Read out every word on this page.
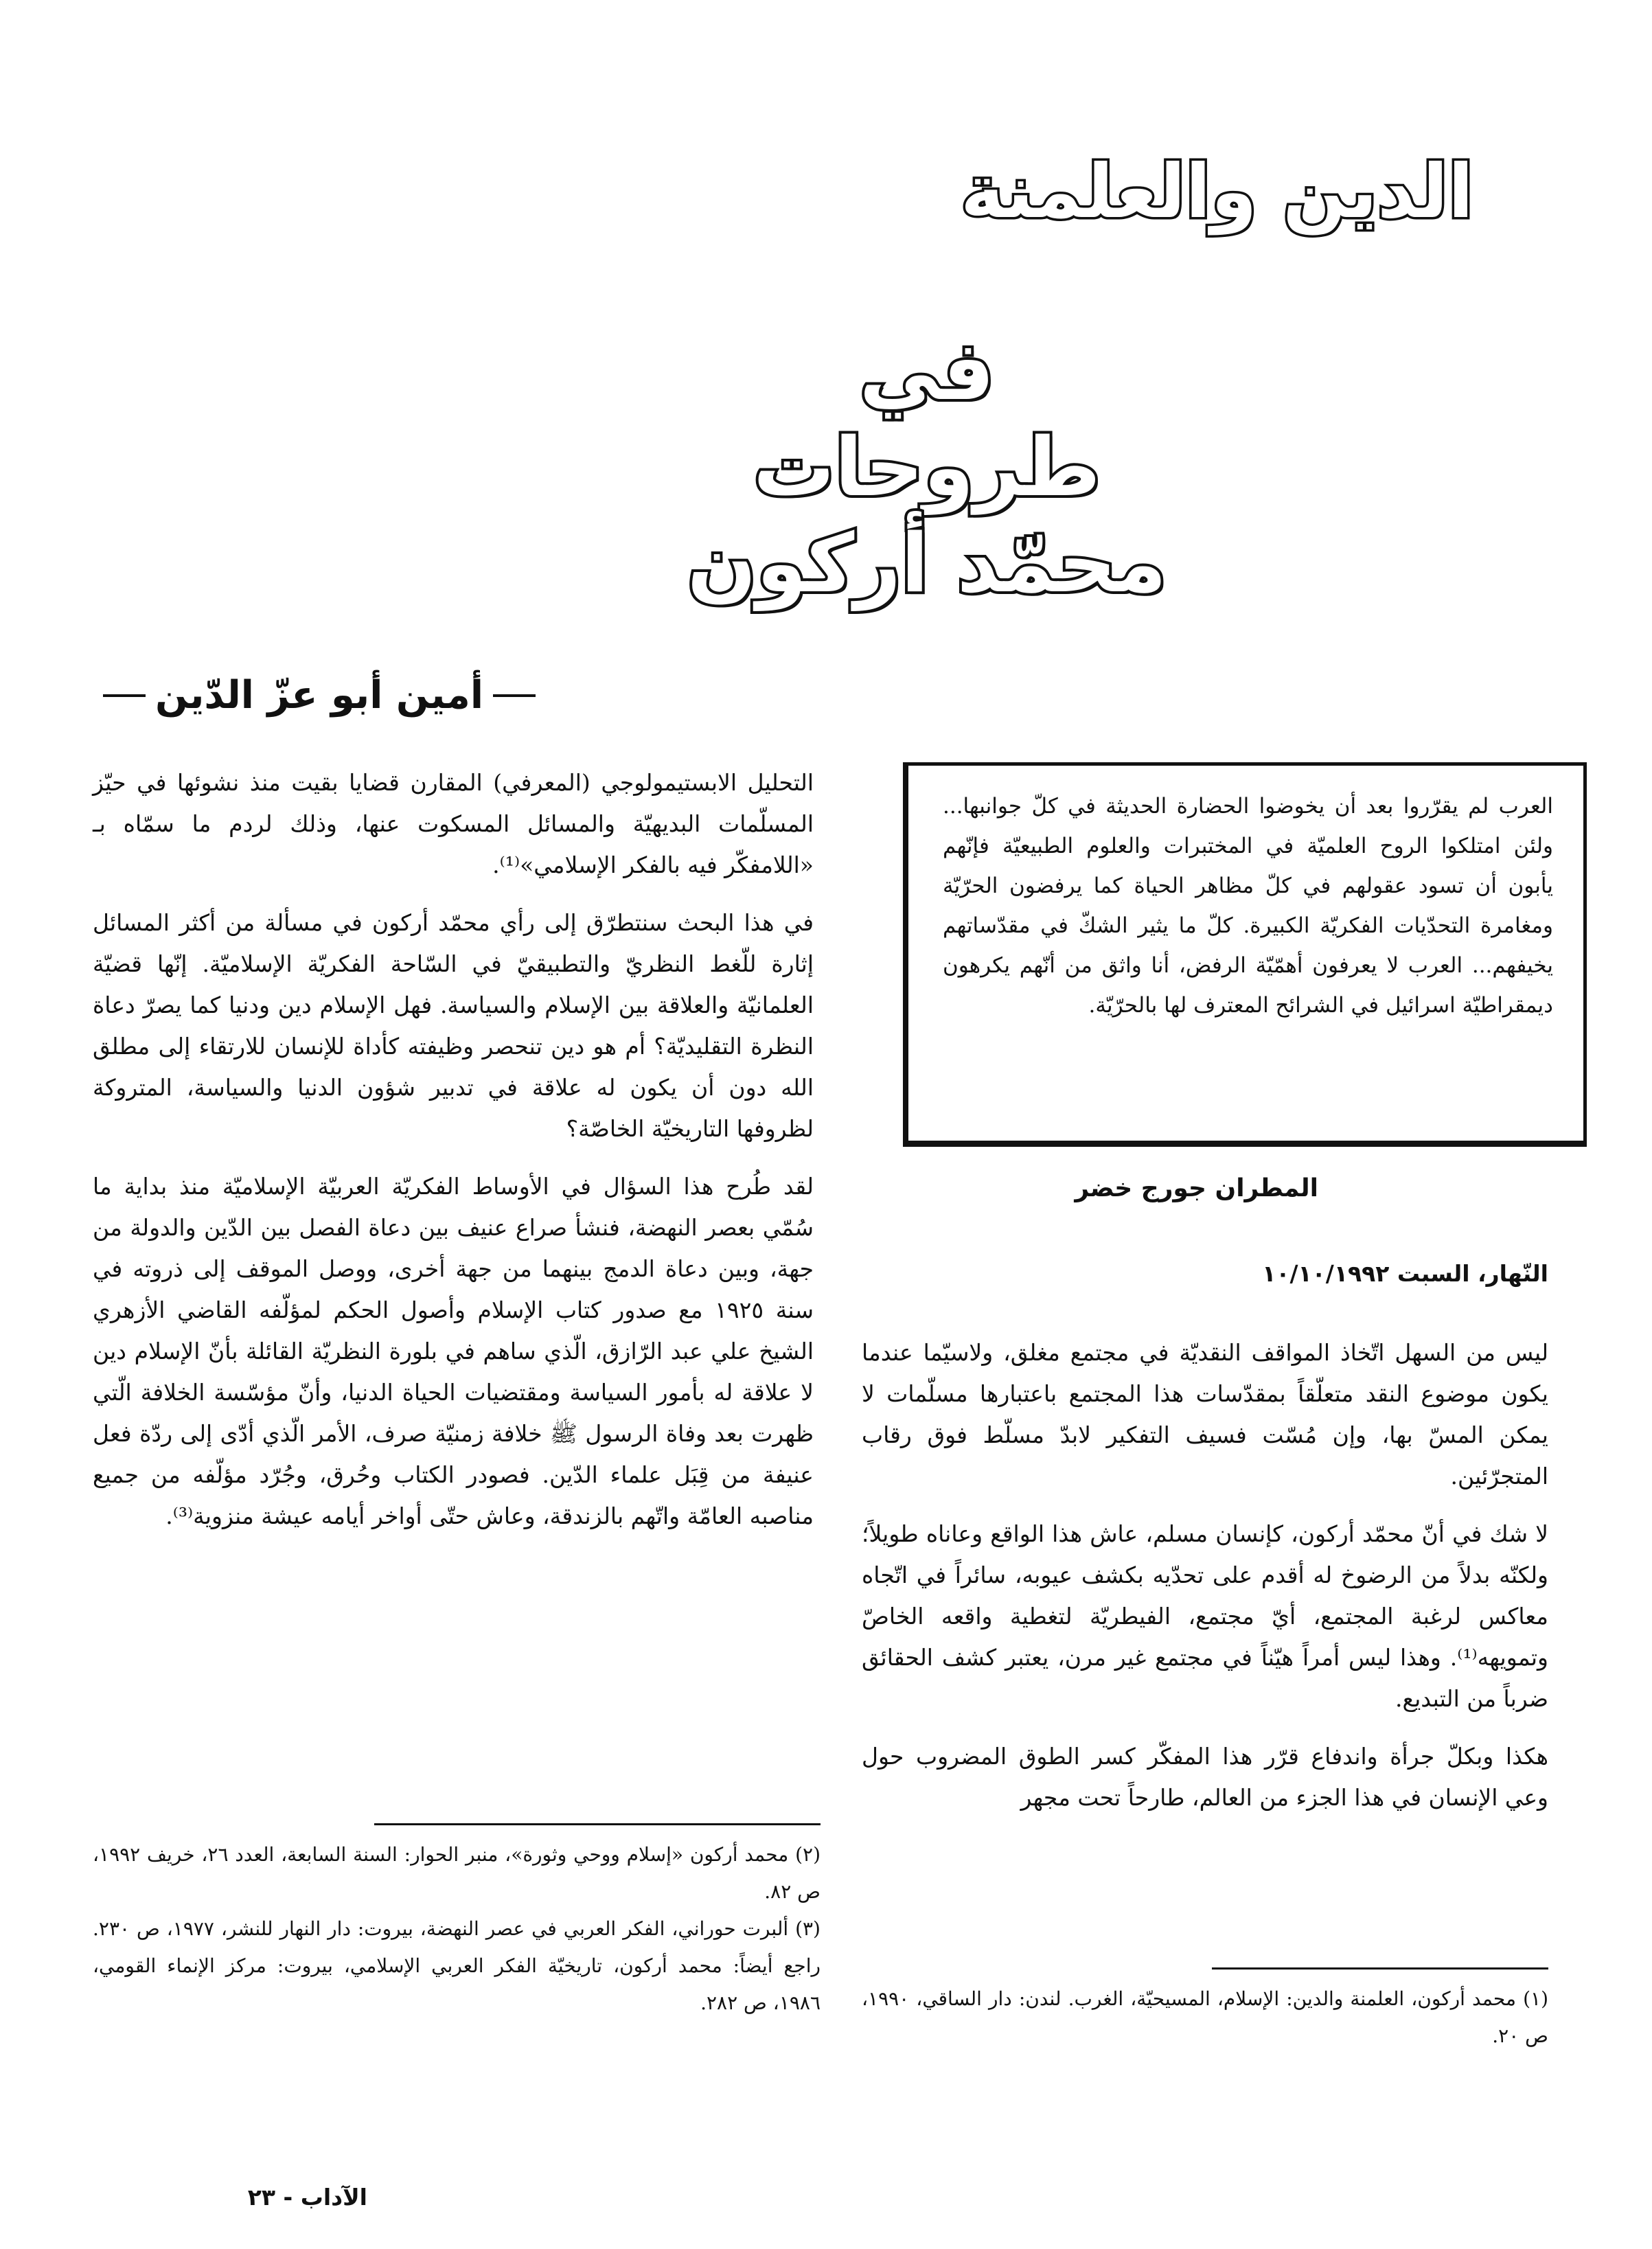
الدين والعلمنة
في
طروحات
محمّد أركون
أمين أبو عزّ الدّين

التحليل الابستيمولوجي (المعرفي) المقارن قضايا بقيت منذ نشوئها في حيّز المسلّمات البديهيّة والمسائل المسكوت عنها، وذلك لردم ما سمّاه بـ «اللامفكّر فيه بالفكر الإسلامي»⁽¹⁾.

في هذا البحث سنتطرّق إلى رأي محمّد أركون في مسألة من أكثر المسائل إثارة للّغط النظريّ والتطبيقيّ في السّاحة الفكريّة الإسلاميّة. إنّها قضيّة العلمانيّة والعلاقة بين الإسلام والسياسة. فهل الإسلام دين ودنيا كما يصرّ دعاة النظرة التقليديّة؟ أم هو دين تنحصر وظيفته كأداة للإنسان للارتقاء إلى مطلق الله دون أن يكون له علاقة في تدبير شؤون الدنيا والسياسة، المتروكة لظروفها التاريخيّة الخاصّة؟

لقد طُرح هذا السؤال في الأوساط الفكريّة العربيّة الإسلاميّة منذ بداية ما سُمّي بعصر النهضة، فنشأ صراع عنيف بين دعاة الفصل بين الدّين والدولة من جهة، وبين دعاة الدمج بينهما من جهة أخرى، ووصل الموقف إلى ذروته في سنة ١٩٢٥ مع صدور كتاب الإسلام وأصول الحكم لمؤلّفه القاضي الأزهري الشيخ علي عبد الرّازق، الّذي ساهم في بلورة النظريّة القائلة بأنّ الإسلام دين لا علاقة له بأمور السياسة ومقتضيات الحياة الدنيا، وأنّ مؤسّسة الخلافة الّتي ظهرت بعد وفاة الرسول ﷺ خلافة زمنيّة صرف، الأمر الّذي أدّى إلى ردّة فعل عنيفة من قِبَل علماء الدّين. فصودر الكتاب وحُرق، وجُرّد مؤلّفه من جميع مناصبه العامّة واتّهم بالزندقة، وعاش حتّى أواخر أيامه عيشة منزوية⁽³⁾.

العرب لم يقرّروا بعد أن يخوضوا الحضارة الحديثة في كلّ جوانبها... ولئن امتلكوا الروح العلميّة في المختبرات والعلوم الطبيعيّة فإنّهم يأبون أن تسود عقولهم في كلّ مظاهر الحياة كما يرفضون الحرّيّة ومغامرة التحدّيات الفكريّة الكبيرة. كلّ ما يثير الشكّ في مقدّساتهم يخيفهم... العرب لا يعرفون أهمّيّة الرفض، أنا واثق من أنّهم يكرهون ديمقراطيّة اسرائيل في الشرائح المعترف لها بالحرّيّة.

المطران جورج خضر
النّهار، السبت ١٠/١٠/١٩٩٢

ليس من السهل اتّخاذ المواقف النقديّة في مجتمع مغلق، ولاسيّما عندما يكون موضوع النقد متعلّقاً بمقدّسات هذا المجتمع باعتبارها مسلّمات لا يمكن المسّ بها، وإن مُسّت فسيف التفكير لابدّ مسلّط فوق رقاب المتجرّئين.

لا شك في أنّ محمّد أركون، كإنسان مسلم، عاش هذا الواقع وعاناه طويلاً؛ ولكنّه بدلاً من الرضوخ له أقدم على تحدّيه بكشف عيوبه، سائراً في اتّجاه معاكس لرغبة المجتمع، أيّ مجتمع، الفيطريّة لتغطية واقعه الخاصّ وتمويهه⁽¹⁾. وهذا ليس أمراً هيّناً في مجتمع غير مرن، يعتبر كشف الحقائق ضرباً من التبديع.

هكذا وبكلّ جرأة واندفاع قرّر هذا المفكّر كسر الطوق المضروب حول وعي الإنسان في هذا الجزء من العالم، طارحاً تحت مجهر

(٢) محمد أركون «إسلام ووحي وثورة»، منبر الحوار: السنة السابعة، العدد ٢٦، خريف ١٩٩٢، ص ٨٢.

(٣) ألبرت حوراني، الفكر العربي في عصر النهضة، بيروت: دار النهار للنشر، ١٩٧٧، ص ٢٣٠. راجع أيضاً: محمد أركون، تاريخيّة الفكر العربي الإسلامي، بيروت: مركز الإنماء القومي، ١٩٨٦، ص ٢٨٢. (١) محمد أركون، العلمنة والدين: الإسلام، المسيحيّة، الغرب. لندن: دار الساقي، ١٩٩٠، ص ٢٠.

الآداب - ٢٣
